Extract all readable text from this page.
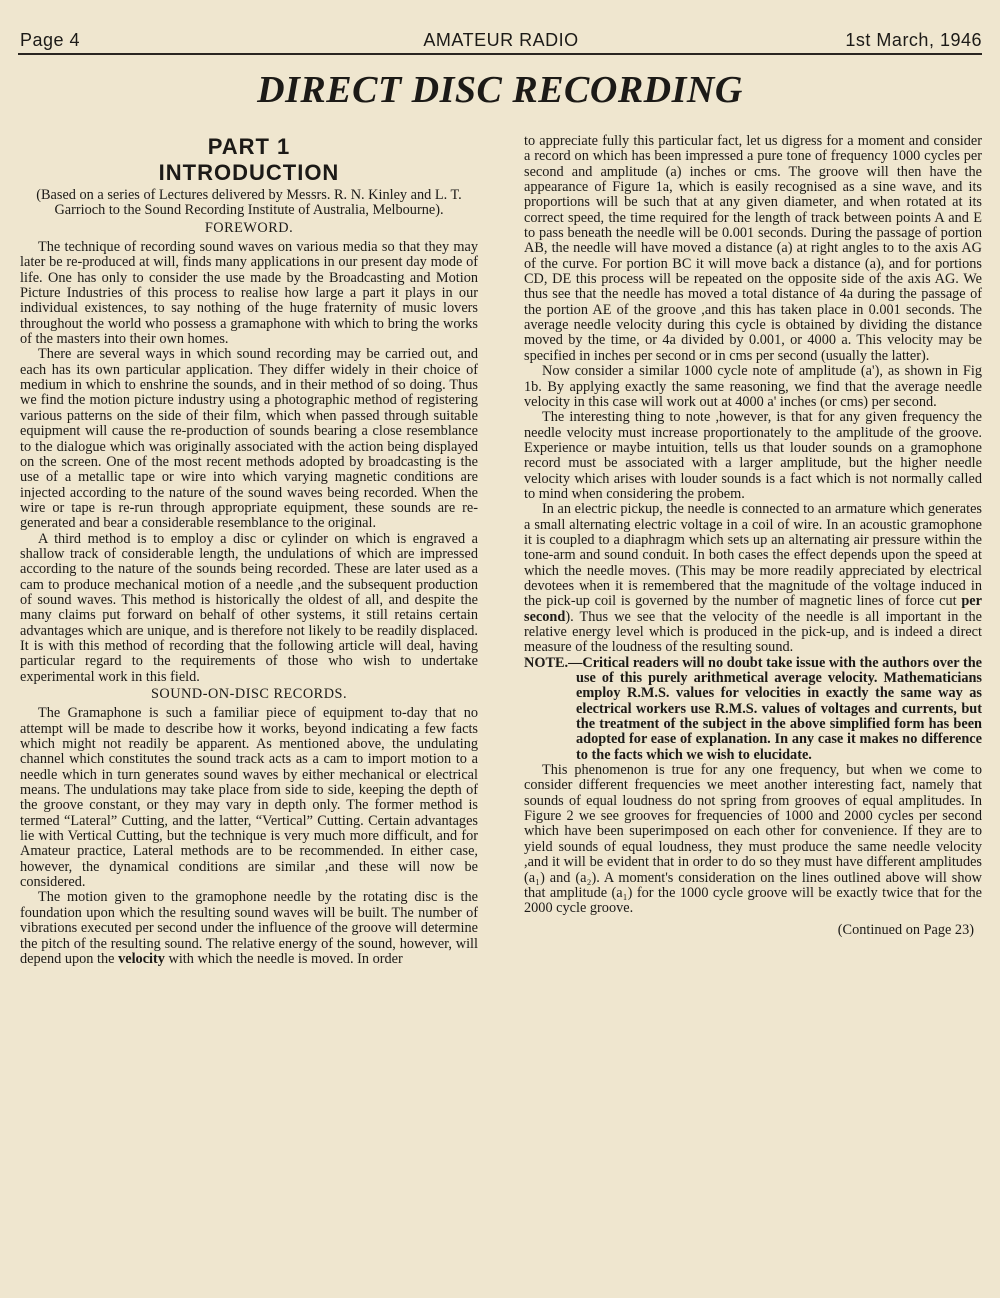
Page 4	AMATEUR RADIO	1st March, 1946
DIRECT DISC RECORDING
PART 1
INTRODUCTION
(Based on a series of Lectures delivered by Messrs. R. N. Kinley and L. T. Garrioch to the Sound Recording Institute of Australia, Melbourne).
FOREWORD.

The technique of recording sound waves on various media so that they may later be re-produced at will, finds many applications in our present day mode of life. One has only to consider the use made by the Broadcasting and Motion Picture Industries of this process to realise how large a part it plays in our individual existences, to say nothing of the huge fraternity of music lovers throughout the world who possess a gramaphone with which to bring the works of the masters into their own homes.

There are several ways in which sound recording may be carried out, and each has its own particular application. They differ widely in their choice of medium in which to enshrine the sounds, and in their method of so doing. Thus we find the motion picture industry using a photographic method of registering various patterns on the side of their film, which when passed through suitable equipment will cause the re-production of sounds bearing a close resemblance to the dialogue which was originally associated with the action being displayed on the screen. One of the most recent methods adopted by broadcasting is the use of a metallic tape or wire into which varying magnetic conditions are injected according to the nature of the sound waves being recorded. When the wire or tape is re-run through appropriate equipment, these sounds are re-generated and bear a considerable resemblance to the original.

A third method is to employ a disc or cylinder on which is engraved a shallow track of considerable length, the undulations of which are impressed according to the nature of the sounds being recorded. These are later used as a cam to produce mechanical motion of a needle ,and the subsequent production of sound waves. This method is historically the oldest of all, and despite the many claims put forward on behalf of other systems, it still retains certain advantages which are unique, and is therefore not likely to be readily displaced. It is with this method of recording that the following article will deal, having particular regard to the requirements of those who wish to undertake experimental work in this field.

SOUND-ON-DISC RECORDS.

The Gramaphone is such a familiar piece of equipment to-day that no attempt will be made to describe how it works, beyond indicating a few facts which might not readily be apparent. As mentioned above, the undulating channel which constitutes the sound track acts as a cam to import motion to a needle which in turn generates sound waves by either mechanical or electrical means. The undulations may take place from side to side, keeping the depth of the groove constant, or they may vary in depth only. The former method is termed “Lateral” Cutting, and the latter, “Vertical” Cutting. Certain advantages lie with Vertical Cutting, but the technique is very much more difficult, and for Amateur practice, Lateral methods are to be recommended. In either case, however, the dynamical conditions are similar ,and these will now be considered.

The motion given to the gramophone needle by the rotating disc is the foundation upon which the resulting sound waves will be built. The number of vibrations executed per second under the influence of the groove will determine the pitch of the resulting sound. The relative energy of the sound, however, will depend upon the velocity with which the needle is moved. In order

to appreciate fully this particular fact, let us digress for a moment and consider a record on which has been impressed a pure tone of frequency 1000 cycles per second and amplitude (a) inches or cms. The groove will then have the appearance of Figure 1a, which is easily recognised as a sine wave, and its proportions will be such that at any given diameter, and when rotated at its correct speed, the time required for the length of track between points A and E to pass beneath the needle will be 0.001 seconds. During the passage of portion AB, the needle will have moved a distance (a) at right angles to to the axis AG of the curve. For portion BC it will move back a distance (a), and for portions CD, DE this process will be repeated on the opposite side of the axis AG. We thus see that the needle has moved a total distance of 4a during the passage of the portion AE of the groove ,and this has taken place in 0.001 seconds. The average needle velocity during this cycle is obtained by dividing the distance moved by the time, or 4a divided by 0.001, or 4000 a. This velocity may be specified in inches per second or in cms per second (usually the latter).

Now consider a similar 1000 cycle note of amplitude (a'), as shown in Fig 1b. By applying exactly the same reasoning, we find that the average needle velocity in this case will work out at 4000 a' inches (or cms) per second.

The interesting thing to note ,however, is that for any given frequency the needle velocity must increase proportionately to the amplitude of the groove. Experience or maybe intuition, tells us that louder sounds on a gramophone record must be associated with a larger amplitude, but the higher needle velocity which arises with louder sounds is a fact which is not normally called to mind when considering the probem.

In an electric pickup, the needle is connected to an armature which generates a small alternating electric voltage in a coil of wire. In an acoustic gramophone it is coupled to a diaphragm which sets up an alternating air pressure within the tone-arm and sound conduit. In both cases the effect depends upon the speed at which the needle moves. (This may be more readily appreciated by electrical devotees when it is remembered that the magnitude of the voltage induced in the pick-up coil is governed by the number of magnetic lines of force cut per second). Thus we see that the velocity of the needle is all important in the relative energy level which is produced in the pick-up, and is indeed a direct measure of the loudness of the resulting sound.

NOTE.—Critical readers will no doubt take issue with the authors over the use of this purely arithmetical average velocity. Mathematicians employ R.M.S. values for velocities in exactly the same way as electrical workers use R.M.S. values of voltages and currents, but the treatment of the subject in the above simplified form has been adopted for ease of explanation. In any case it makes no difference to the facts which we wish to elucidate.

This phenomenon is true for any one frequency, but when we come to consider different frequencies we meet another interesting fact, namely that sounds of equal loudness do not spring from grooves of equal amplitudes. In Figure 2 we see grooves for frequencies of 1000 and 2000 cycles per second which have been superimposed on each other for convenience. If they are to yield sounds of equal loudness, they must produce the same needle velocity ,and it will be evident that in order to do so they must have different amplitudes (a₁) and (a₂). A moment's consideration on the lines outlined above will show that amplitude (a₁) for the 1000 cycle groove will be exactly twice that for the 2000 cycle groove.

(Continued on Page 23)
